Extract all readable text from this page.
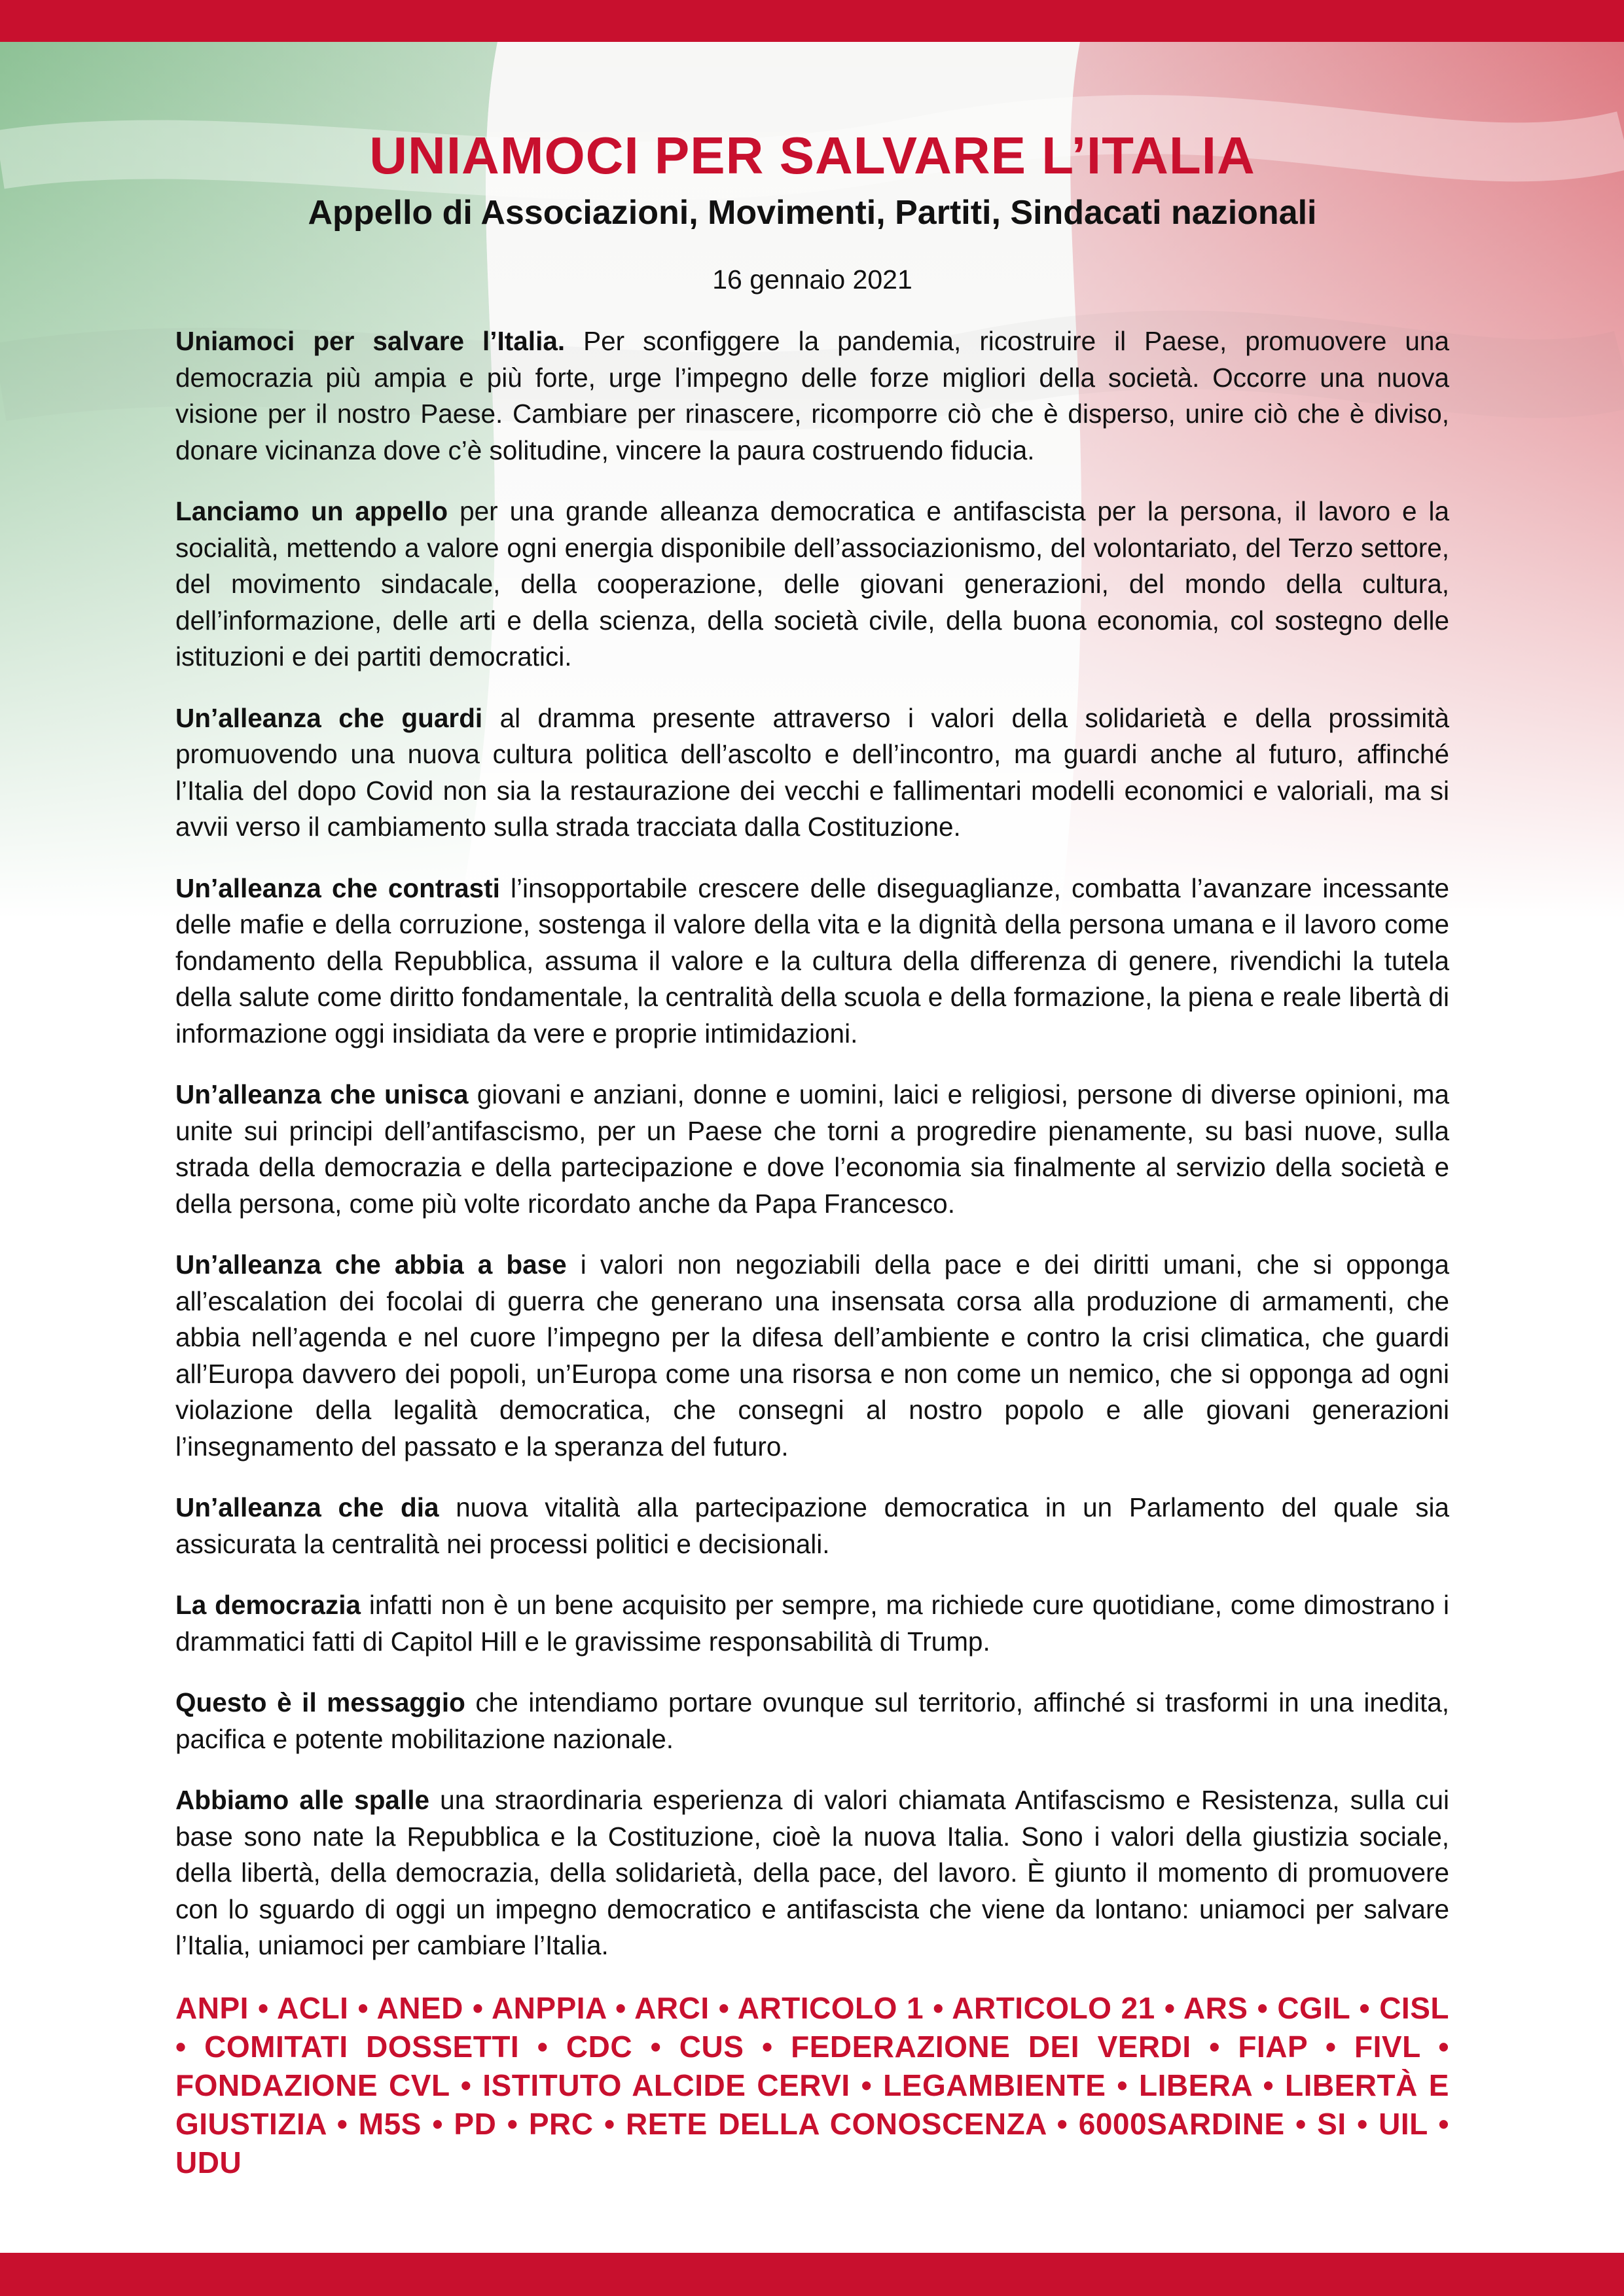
UNIAMOCI PER SALVARE L’ITALIA
Appello di Associazioni, Movimenti, Partiti, Sindacati nazionali
16 gennaio 2021

Uniamoci per salvare l’Italia. Per sconfiggere la pandemia, ricostruire il Paese, promuovere una democrazia più ampia e più forte, urge l’impegno delle forze migliori della società. Occorre una nuova visione per il nostro Paese. Cambiare per rinascere, ricomporre ciò che è disperso, unire ciò che è diviso, donare vicinanza dove c’è solitudine, vincere la paura costruendo fiducia.

Lanciamo un appello per una grande alleanza democratica e antifascista per la persona, il lavoro e la socialità, mettendo a valore ogni energia disponibile dell’associazionismo, del volontariato, del Terzo settore, del movimento sindacale, della cooperazione, delle giovani generazioni, del mondo della cultura, dell’informazione, delle arti e della scienza, della società civile, della buona economia, col sostegno delle istituzioni e dei partiti democratici.

Un’alleanza che guardi al dramma presente attraverso i valori della solidarietà e della prossimità promuovendo una nuova cultura politica dell’ascolto e dell’incontro, ma guardi anche al futuro, affinché l’Italia del dopo Covid non sia la restaurazione dei vecchi e fallimentari modelli economici e valoriali, ma si avvii verso il cambiamento sulla strada tracciata dalla Costituzione.

Un’alleanza che contrasti l’insopportabile crescere delle diseguaglianze, combatta l’avanzare incessante delle mafie e della corruzione, sostenga il valore della vita e la dignità della persona umana e il lavoro come fondamento della Repubblica, assuma il valore e la cultura della differenza di genere, rivendichi la tutela della salute come diritto fondamentale, la centralità della scuola e della formazione, la piena e reale libertà di informazione oggi insidiata da vere e proprie intimidazioni.

Un’alleanza che unisca giovani e anziani, donne e uomini, laici e religiosi, persone di diverse opinioni, ma unite sui principi dell’antifascismo, per un Paese che torni a progredire pienamente, su basi nuove, sulla strada della democrazia e della partecipazione e dove l’economia sia finalmente al servizio della società e della persona, come più volte ricordato anche da Papa Francesco.

Un’alleanza che abbia a base i valori non negoziabili della pace e dei diritti umani, che si opponga all’escalation dei focolai di guerra che generano una insensata corsa alla produzione di armamenti, che abbia nell’agenda e nel cuore l’impegno per la difesa dell’ambiente e contro la crisi climatica, che guardi all’Europa davvero dei popoli, un’Europa come una risorsa e non come un nemico, che si opponga ad ogni violazione della legalità democratica, che consegni al nostro popolo e alle giovani generazioni l’insegnamento del passato e la speranza del futuro.

Un’alleanza che dia nuova vitalità alla partecipazione democratica in un Parlamento del quale sia assicurata la centralità nei processi politici e decisionali.

La democrazia infatti non è un bene acquisito per sempre, ma richiede cure quotidiane, come dimostrano i drammatici fatti di Capitol Hill e le gravissime responsabilità di Trump.

Questo è il messaggio che intendiamo portare ovunque sul territorio, affinché si trasformi in una inedita, pacifica e potente mobilitazione nazionale.

Abbiamo alle spalle una straordinaria esperienza di valori chiamata Antifascismo e Resistenza, sulla cui base sono nate la Repubblica e la Costituzione, cioè la nuova Italia. Sono i valori della giustizia sociale, della libertà, della democrazia, della solidarietà, della pace, del lavoro. È giunto il momento di promuovere con lo sguardo di oggi un impegno democratico e antifascista che viene da lontano: uniamoci per salvare l’Italia, uniamoci per cambiare l’Italia.

ANPI • ACLI • ANED • ANPPIA • ARCI • ARTICOLO 1 • ARTICOLO 21 • ARS • CGIL • CISL • COMITATI DOSSETTI • CDC • CUS • FEDERAZIONE DEI VERDI • FIAP • FIVL • FONDAZIONE CVL • ISTITUTO ALCIDE CERVI • LEGAMBIENTE • LIBERA • LIBERTÀ E GIUSTIZIA • M5S • PD • PRC • RETE DELLA CONOSCENZA • 6000SARDINE • SI • UIL • UDU
